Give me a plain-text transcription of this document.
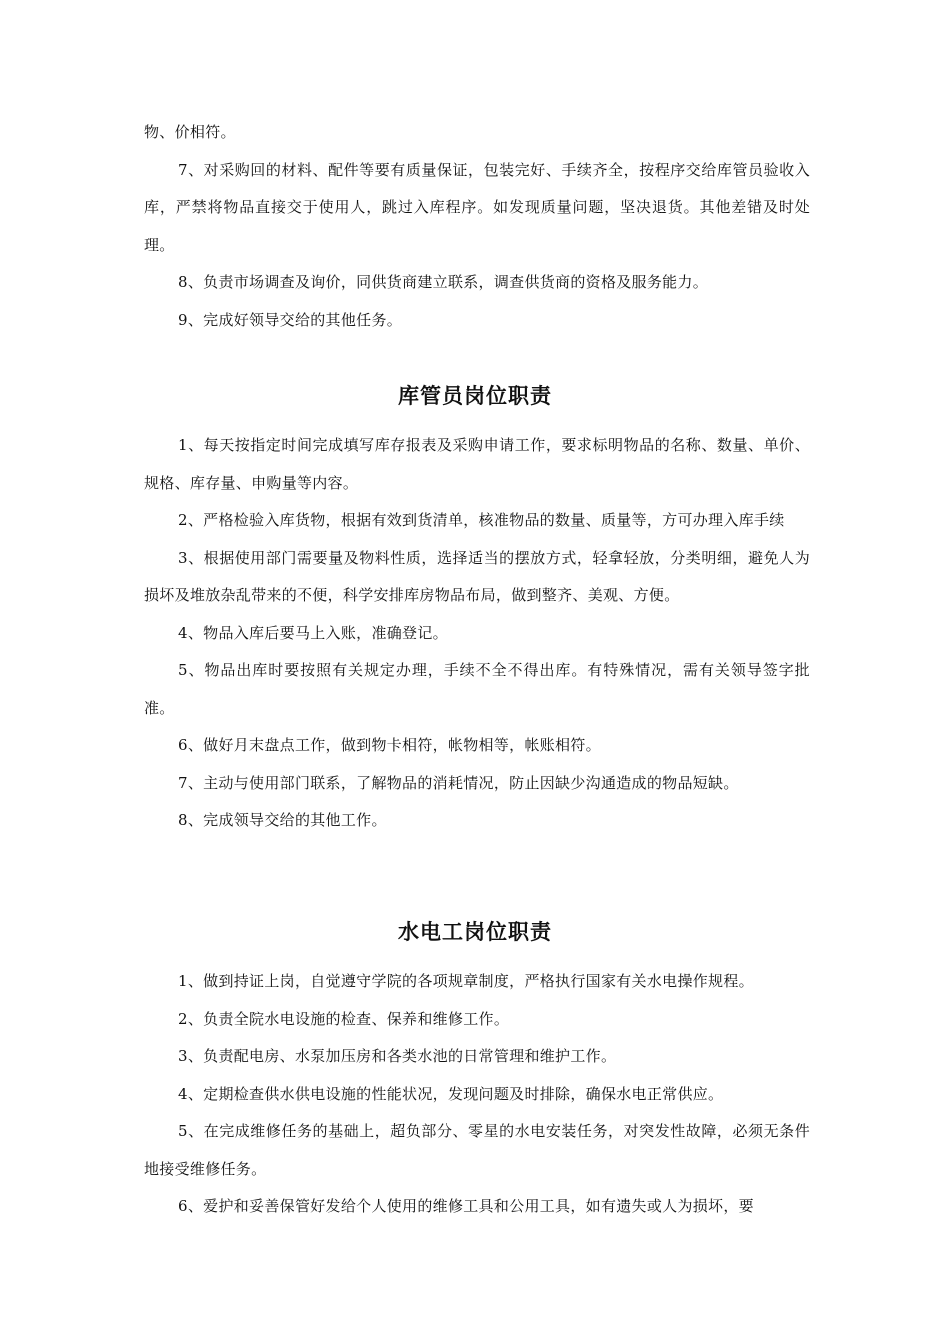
物、价相符。

7、对采购回的材料、配件等要有质量保证，包装完好、手续齐全，按程序交给库管员验收入库，严禁将物品直接交于使用人，跳过入库程序。如发现质量问题，坚决退货。其他差错及时处理。

8、负责市场调查及询价，同供货商建立联系，调查供货商的资格及服务能力。

9、完成好领导交给的其他任务。

库管员岗位职责

1、每天按指定时间完成填写库存报表及采购申请工作，要求标明物品的名称、数量、单价、规格、库存量、申购量等内容。

2、严格检验入库货物，根据有效到货清单，核准物品的数量、质量等，方可办理入库手续

3、根据使用部门需要量及物料性质，选择适当的摆放方式，轻拿轻放，分类明细，避免人为损坏及堆放杂乱带来的不便，科学安排库房物品布局，做到整齐、美观、方便。

4、物品入库后要马上入账，准确登记。

5、物品出库时要按照有关规定办理，手续不全不得出库。有特殊情况，需有关领导签字批准。

6、做好月末盘点工作，做到物卡相符，帐物相等，帐账相符。

7、主动与使用部门联系，了解物品的消耗情况，防止因缺少沟通造成的物品短缺。

8、完成领导交给的其他工作。

水电工岗位职责

1、做到持证上岗，自觉遵守学院的各项规章制度，严格执行国家有关水电操作规程。

2、负责全院水电设施的检查、保养和维修工作。

3、负责配电房、水泵加压房和各类水池的日常管理和维护工作。

4、定期检查供水供电设施的性能状况，发现问题及时排除，确保水电正常供应。

5、在完成维修任务的基础上，超负部分、零星的水电安装任务，对突发性故障，必须无条件地接受维修任务。

6、爱护和妥善保管好发给个人使用的维修工具和公用工具，如有遗失或人为损坏，要
